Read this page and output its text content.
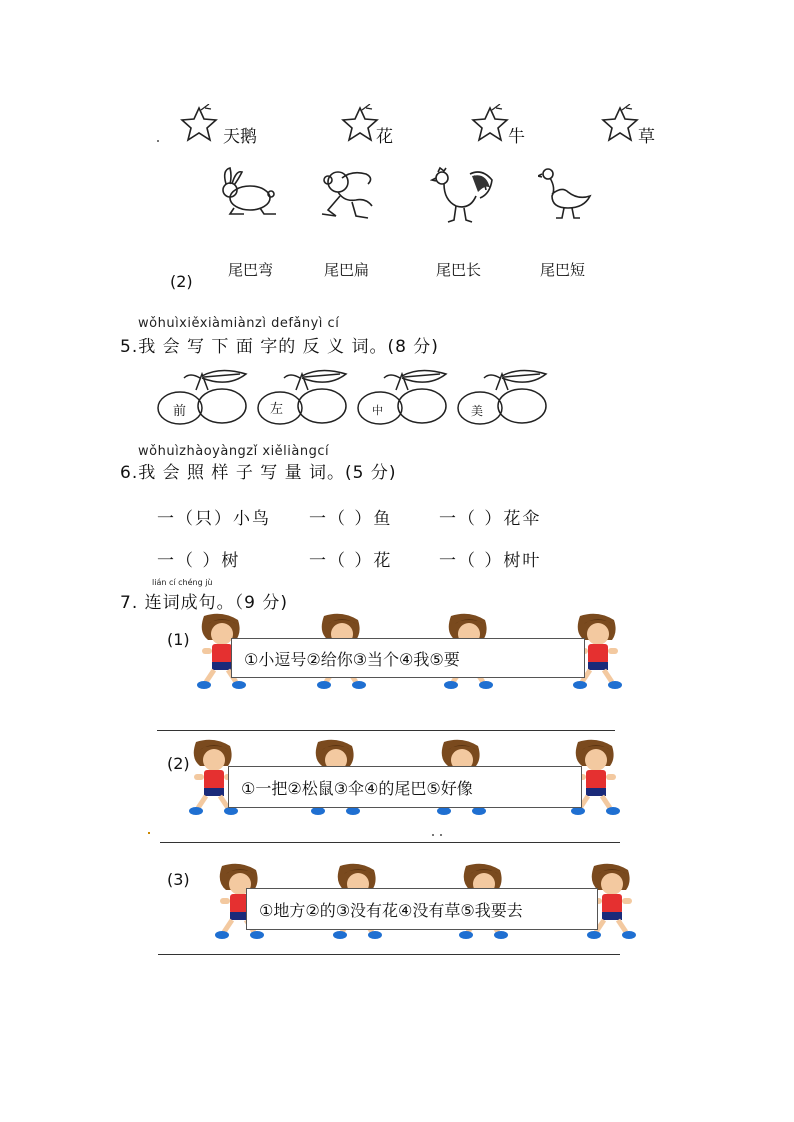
天鹅	花	牛	草
(2)
尾巴弯	尾巴扁	尾巴长	尾巴短
wǒhuìxiěxiàmiànzì defǎnyì cí
5.我 会 写 下 面 字的 反 义 词。(8 分)
前	左	中	美
wǒhuìzhàoyàngzǐ xiěliàngcí
6.我 会 照 样 子 写 量 词。(5 分)
一（只）小鸟 一（ ）鱼	一（ ）花伞
一（ ）树	一（ ）花	一（ ）树叶
lián cí chéng jù
7. 连词成句。（9 分)
(1)
①小逗号②给你③当个④我⑤要
(2)
①一把②松鼠③伞④的尾巴⑤好像
(3)
①地方②的③没有花④没有草⑤我要去
